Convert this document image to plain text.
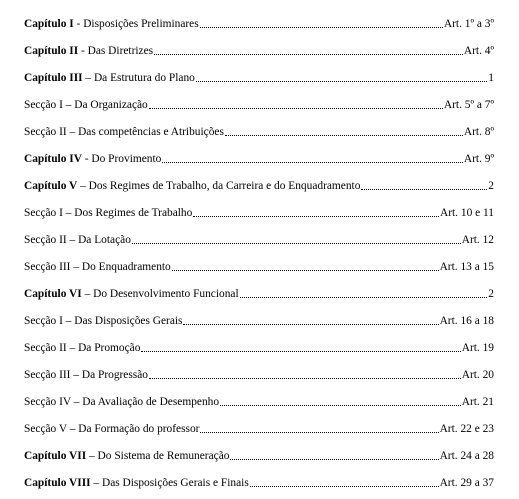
Capítulo I - Disposições Preliminares	Art. 1º a 3º
Capítulo II - Das Diretrizes	Art. 4º
Capítulo III – Da Estrutura do Plano	1
Secção I – Da Organização	Art. 5º a 7º
Secção II – Das competências e Atribuições	Art. 8º
Capítulo IV - Do Provimento	Art. 9º
Capítulo V – Dos Regimes de Trabalho, da Carreira e do Enquadramento	2
Secção I – Dos Regimes de Trabalho	Art. 10 e 11
Secção II – Da Lotação	Art. 12
Secção III – Do Enquadramento	Art. 13 a 15
Capítulo VI – Do Desenvolvimento Funcional	2
Secção I – Das Disposições Gerais	Art. 16 a 18
Secção II – Da Promoção	Art. 19
Secção III – Da Progressão	Art. 20
Secção IV – Da Avaliação de Desempenho	Art. 21
Secção V – Da Formação do professor	Art. 22 e 23
Capítulo VII – Do Sistema de Remuneração	Art. 24 a 28
Capítulo VIII – Das Disposições Gerais e Finais	Art. 29 a 37
